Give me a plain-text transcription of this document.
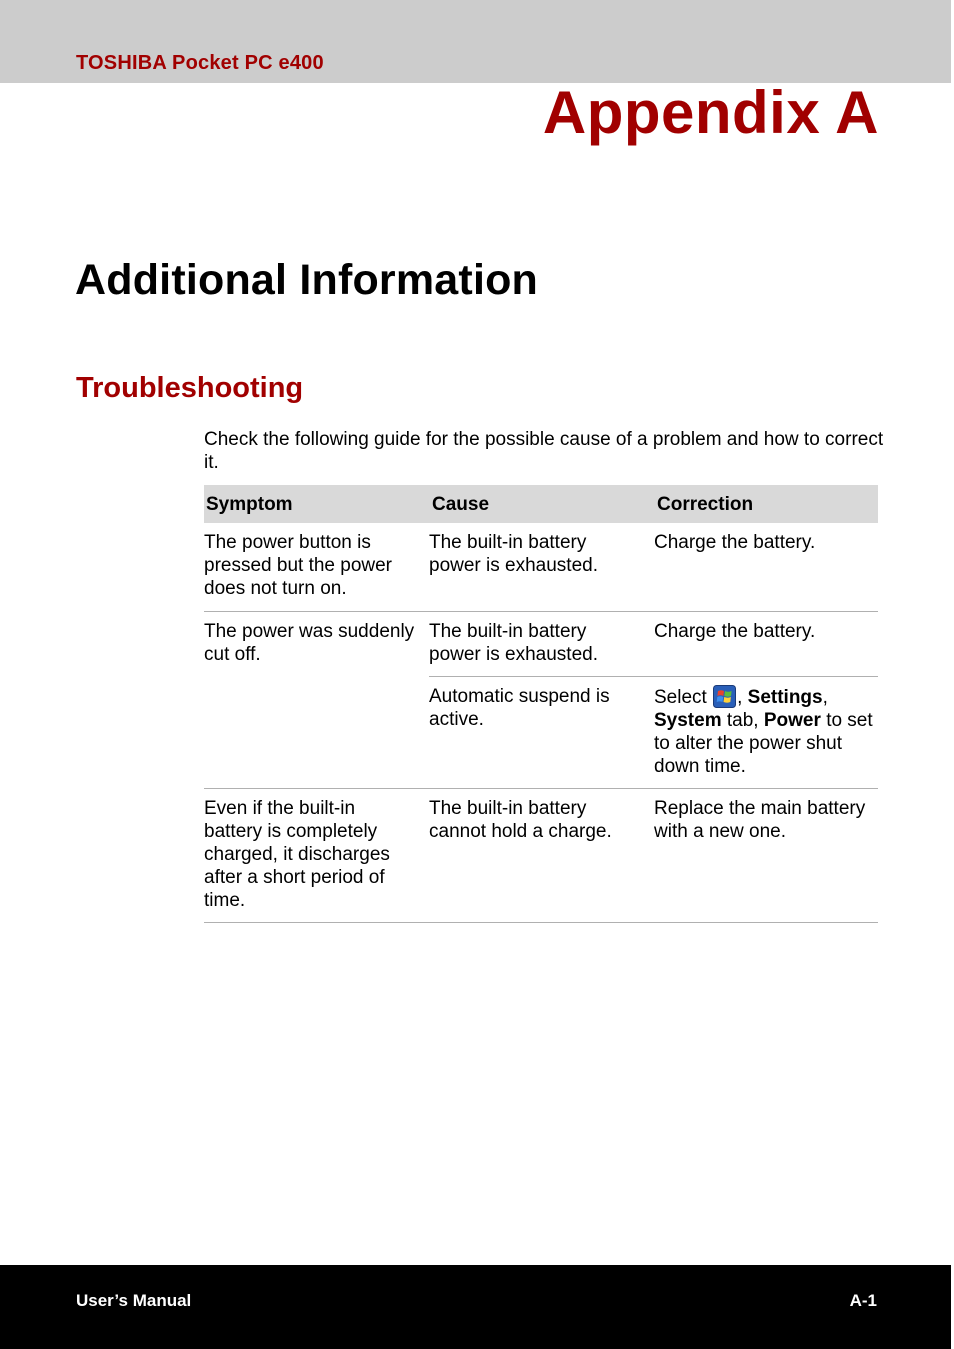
TOSHIBA Pocket PC e400
Appendix A
Additional Information
Troubleshooting
Check the following guide for the possible cause of a problem and how to correct it.
Symptom	Cause	Correction
The power button is pressed but the power does not turn on.	The built-in battery power is exhausted.	Charge the battery.
The power was suddenly cut off.	The built-in battery power is exhausted.	Charge the battery.
	Automatic suspend is active.	Select , Settings, System tab, Power to set to alter the power shut down time.
Even if the built-in battery is completely charged, it discharges after a short period of time.	The built-in battery cannot hold a charge.	Replace the main battery with a new one.
User’s Manual	A-1
